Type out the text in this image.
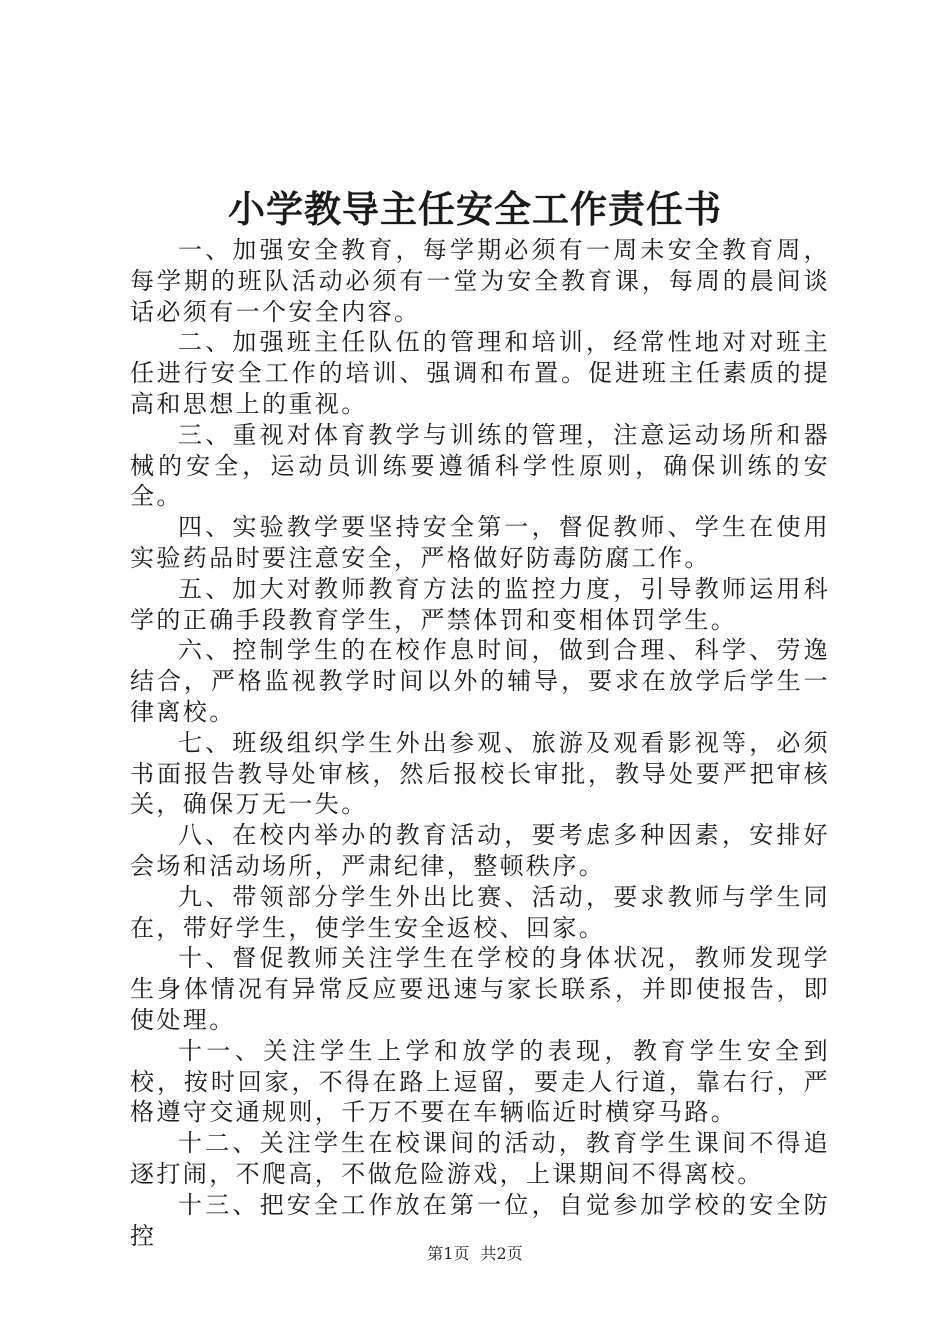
小学教导主任安全工作责任书

一、加强安全教育，每学期必须有一周未安全教育周，每学期的班队活动必须有一堂为安全教育课，每周的晨间谈话必须有一个安全内容。

二、加强班主任队伍的管理和培训，经常性地对对班主任进行安全工作的培训、强调和布置。促进班主任素质的提高和思想上的重视。

三、重视对体育教学与训练的管理，注意运动场所和器械的安全，运动员训练要遵循科学性原则，确保训练的安全。

四、实验教学要坚持安全第一，督促教师、学生在使用实验药品时要注意安全，严格做好防毒防腐工作。

五、加大对教师教育方法的监控力度，引导教师运用科学的正确手段教育学生，严禁体罚和变相体罚学生。

六、控制学生的在校作息时间，做到合理、科学、劳逸结合，严格监视教学时间以外的辅导，要求在放学后学生一律离校。

七、班级组织学生外出参观、旅游及观看影视等，必须书面报告教导处审核，然后报校长审批，教导处要严把审核关，确保万无一失。

八、在校内举办的教育活动，要考虑多种因素，安排好会场和活动场所，严肃纪律，整顿秩序。

九、带领部分学生外出比赛、活动，要求教师与学生同在，带好学生，使学生安全返校、回家。

十、督促教师关注学生在学校的身体状况，教师发现学生身体情况有异常反应要迅速与家长联系，并即使报告，即使处理。

十一、关注学生上学和放学的表现，教育学生安全到校，按时回家，不得在路上逗留，要走人行道，靠右行，严格遵守交通规则，千万不要在车辆临近时横穿马路。

十二、关注学生在校课间的活动，教育学生课间不得追逐打闹，不爬高，不做危险游戏，上课期间不得离校。

十三、把安全工作放在第一位，自觉参加学校的安全防控

第1页 共2页
